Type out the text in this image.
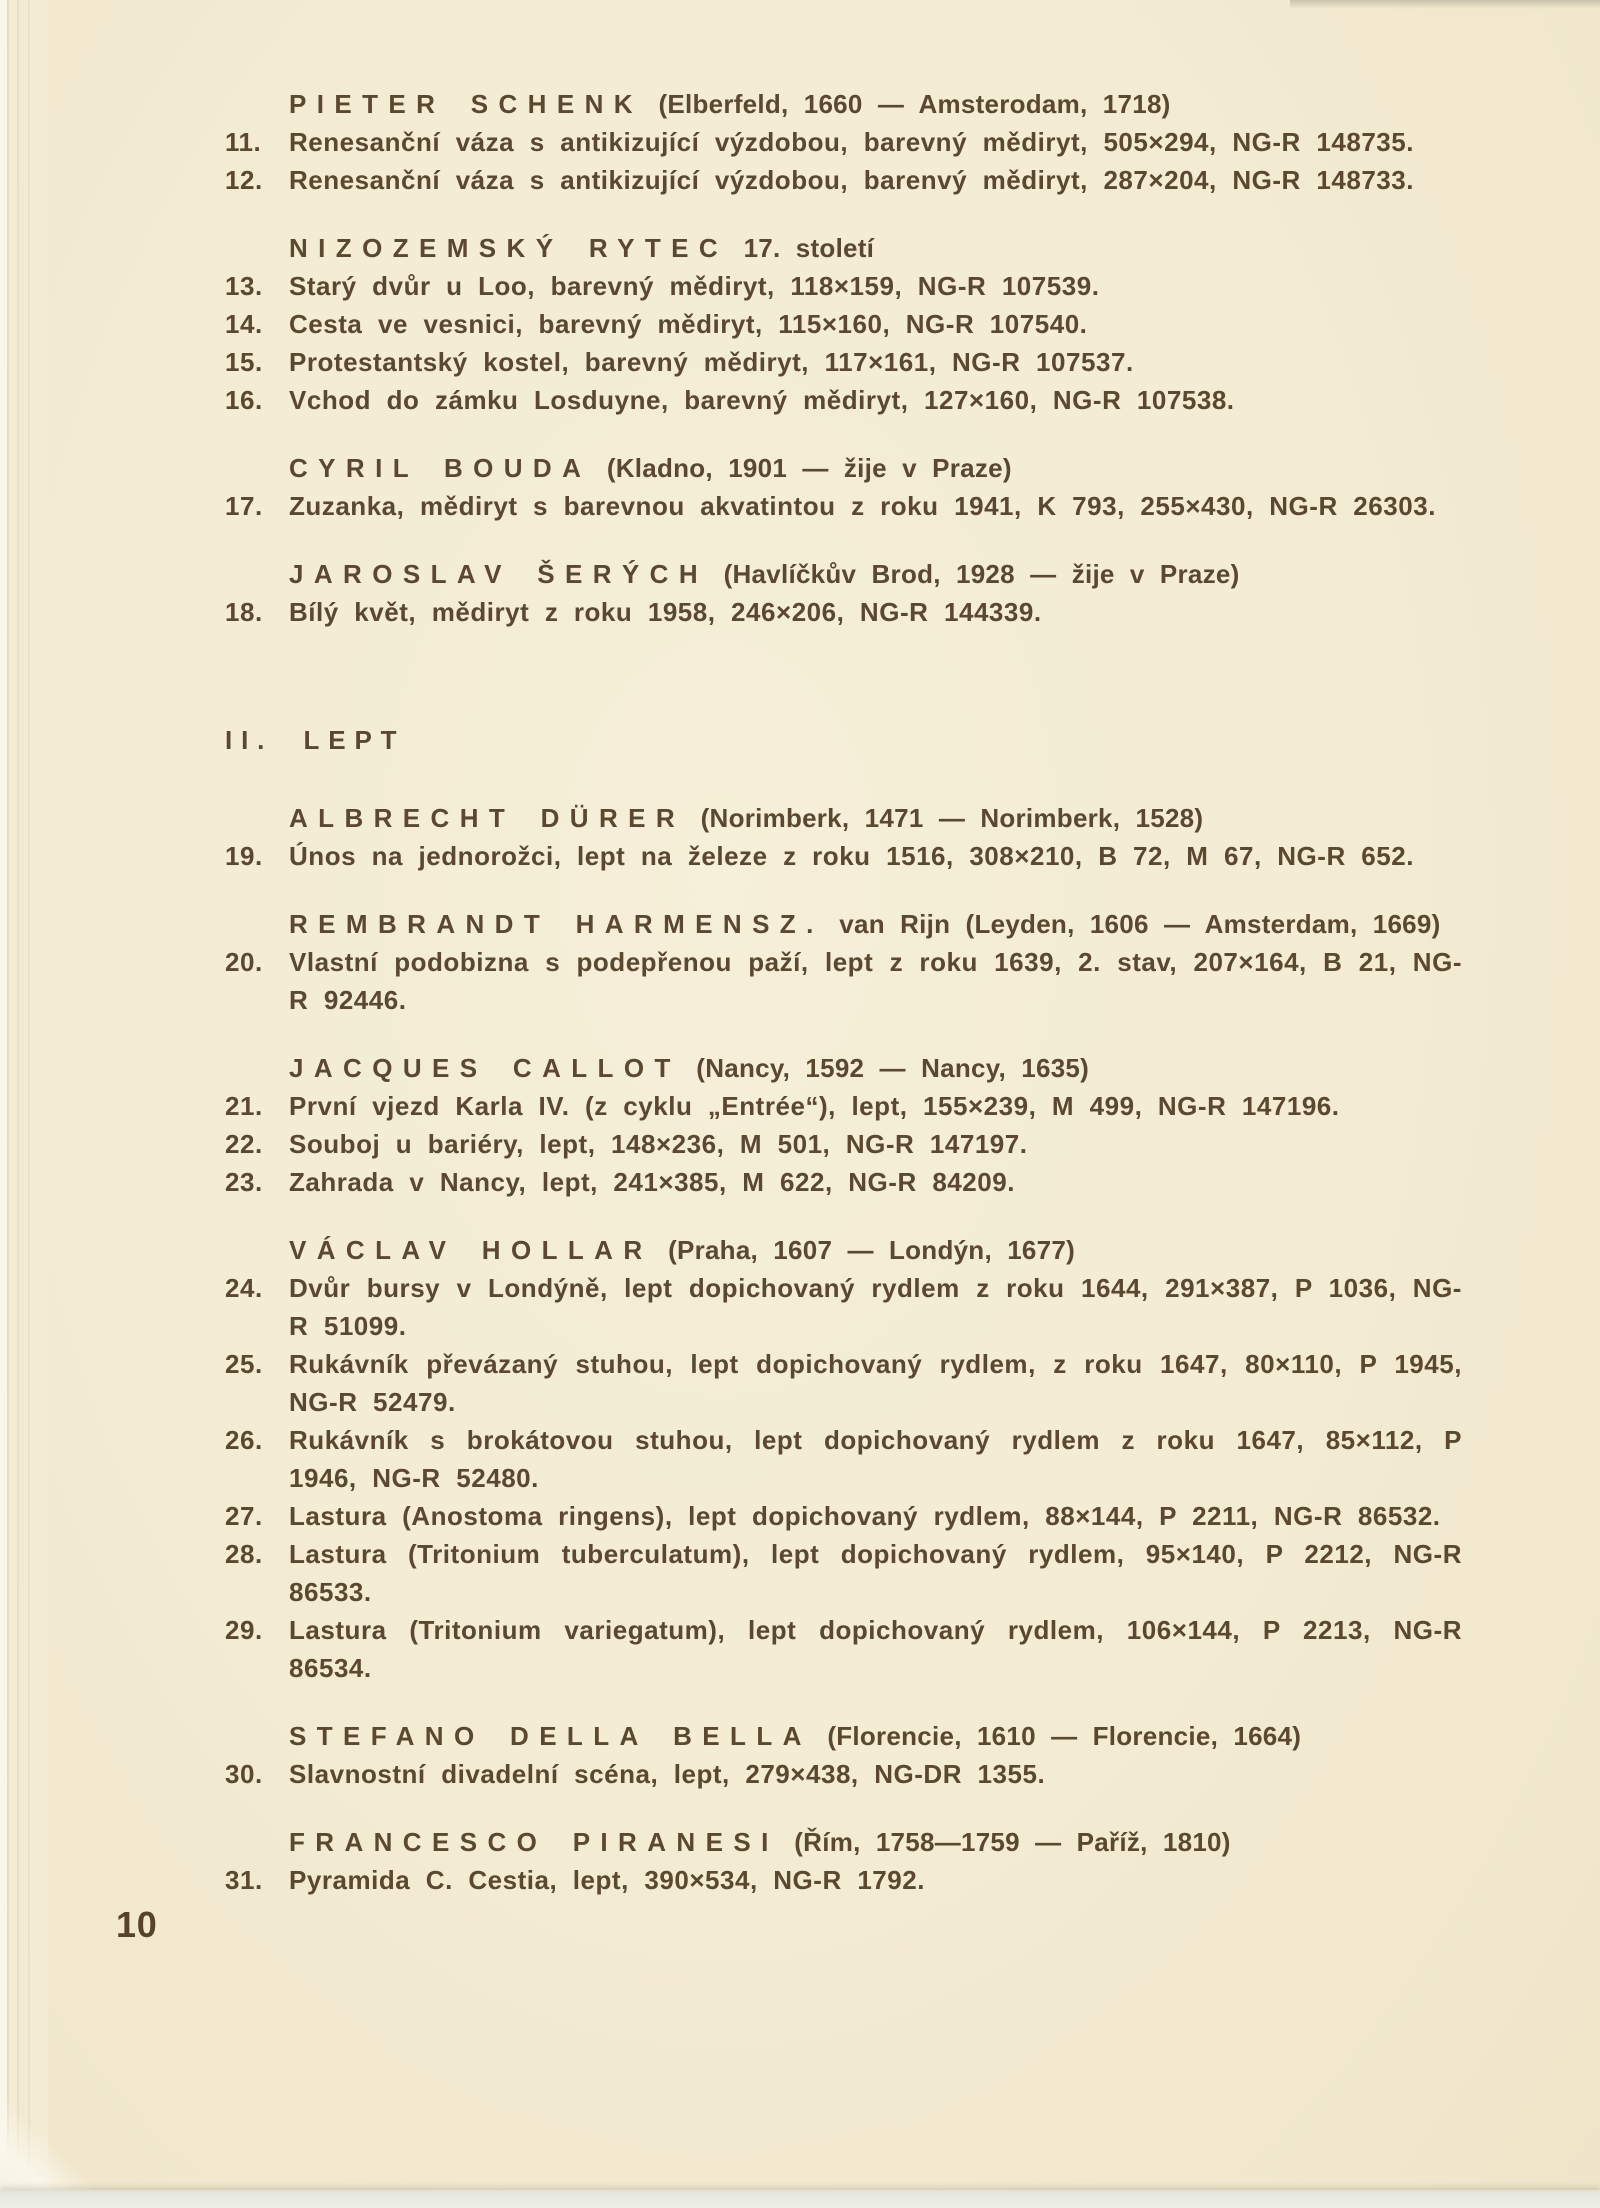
10
PIETER SCHENK (Elberfeld, 1660 — Amsterodam, 1718)
11. Renesanční váza s antikizující výzdobou, barevný mědiryt, 505×294, NG-R 148735.
12. Renesanční váza s antikizující výzdobou, barenvý mědiryt, 287×204, NG-R 148733.
NIZOZEMSKÝ RYTEC 17. století
13. Starý dvůr u Loo, barevný mědiryt, 118×159, NG-R 107539.
14. Cesta ve vesnici, barevný mědiryt, 115×160, NG-R 107540.
15. Protestantský kostel, barevný mědiryt, 117×161, NG-R 107537.
16. Vchod do zámku Losduyne, barevný mědiryt, 127×160, NG-R 107538.
CYRIL BOUDA (Kladno, 1901 — žije v Praze)
17. Zuzanka, mědiryt s barevnou akvatintou z roku 1941, K 793, 255×430, NG-R 26303.
JAROSLAV ŠERÝCH (Havlíčkův Brod, 1928 — žije v Praze)
18. Bílý květ, mědiryt z roku 1958, 246×206, NG-R 144339.
II. LEPT
ALBRECHT DÜRER (Norimberk, 1471 — Norimberk, 1528)
19. Únos na jednorožci, lept na železe z roku 1516, 308×210, B 72, M 67, NG-R 652.
REMBRANDT HARMENSZ. van Rijn (Leyden, 1606 — Amsterdam, 1669)
20. Vlastní podobizna s podepřenou paží, lept z roku 1639, 2. stav, 207×164, B 21, NG-R 92446.
JACQUES CALLOT (Nancy, 1592 — Nancy, 1635)
21. První vjezd Karla IV. (z cyklu „Entrée“), lept, 155×239, M 499, NG-R 147196.
22. Souboj u bariéry, lept, 148×236, M 501, NG-R 147197.
23. Zahrada v Nancy, lept, 241×385, M 622, NG-R 84209.
VÁCLAV HOLLAR (Praha, 1607 — Londýn, 1677)
24. Dvůr bursy v Londýně, lept dopichovaný rydlem z roku 1644, 291×387, P 1036, NG-R 51099.
25. Rukávník převázaný stuhou, lept dopichovaný rydlem, z roku 1647, 80×110, P 1945, NG-R 52479.
26. Rukávník s brokátovou stuhou, lept dopichovaný rydlem z roku 1647, 85×112, P 1946, NG-R 52480.
27. Lastura (Anostoma ringens), lept dopichovaný rydlem, 88×144, P 2211, NG-R 86532.
28. Lastura (Tritonium tuberculatum), lept dopichovaný rydlem, 95×140, P 2212, NG-R 86533.
29. Lastura (Tritonium variegatum), lept dopichovaný rydlem, 106×144, P 2213, NG-R 86534.
STEFANO DELLA BELLA (Florencie, 1610 — Florencie, 1664)
30. Slavnostní divadelní scéna, lept, 279×438, NG-DR 1355.
FRANCESCO PIRANESI (Řím, 1758—1759 — Paříž, 1810)
31. Pyramida C. Cestia, lept, 390×534, NG-R 1792.
